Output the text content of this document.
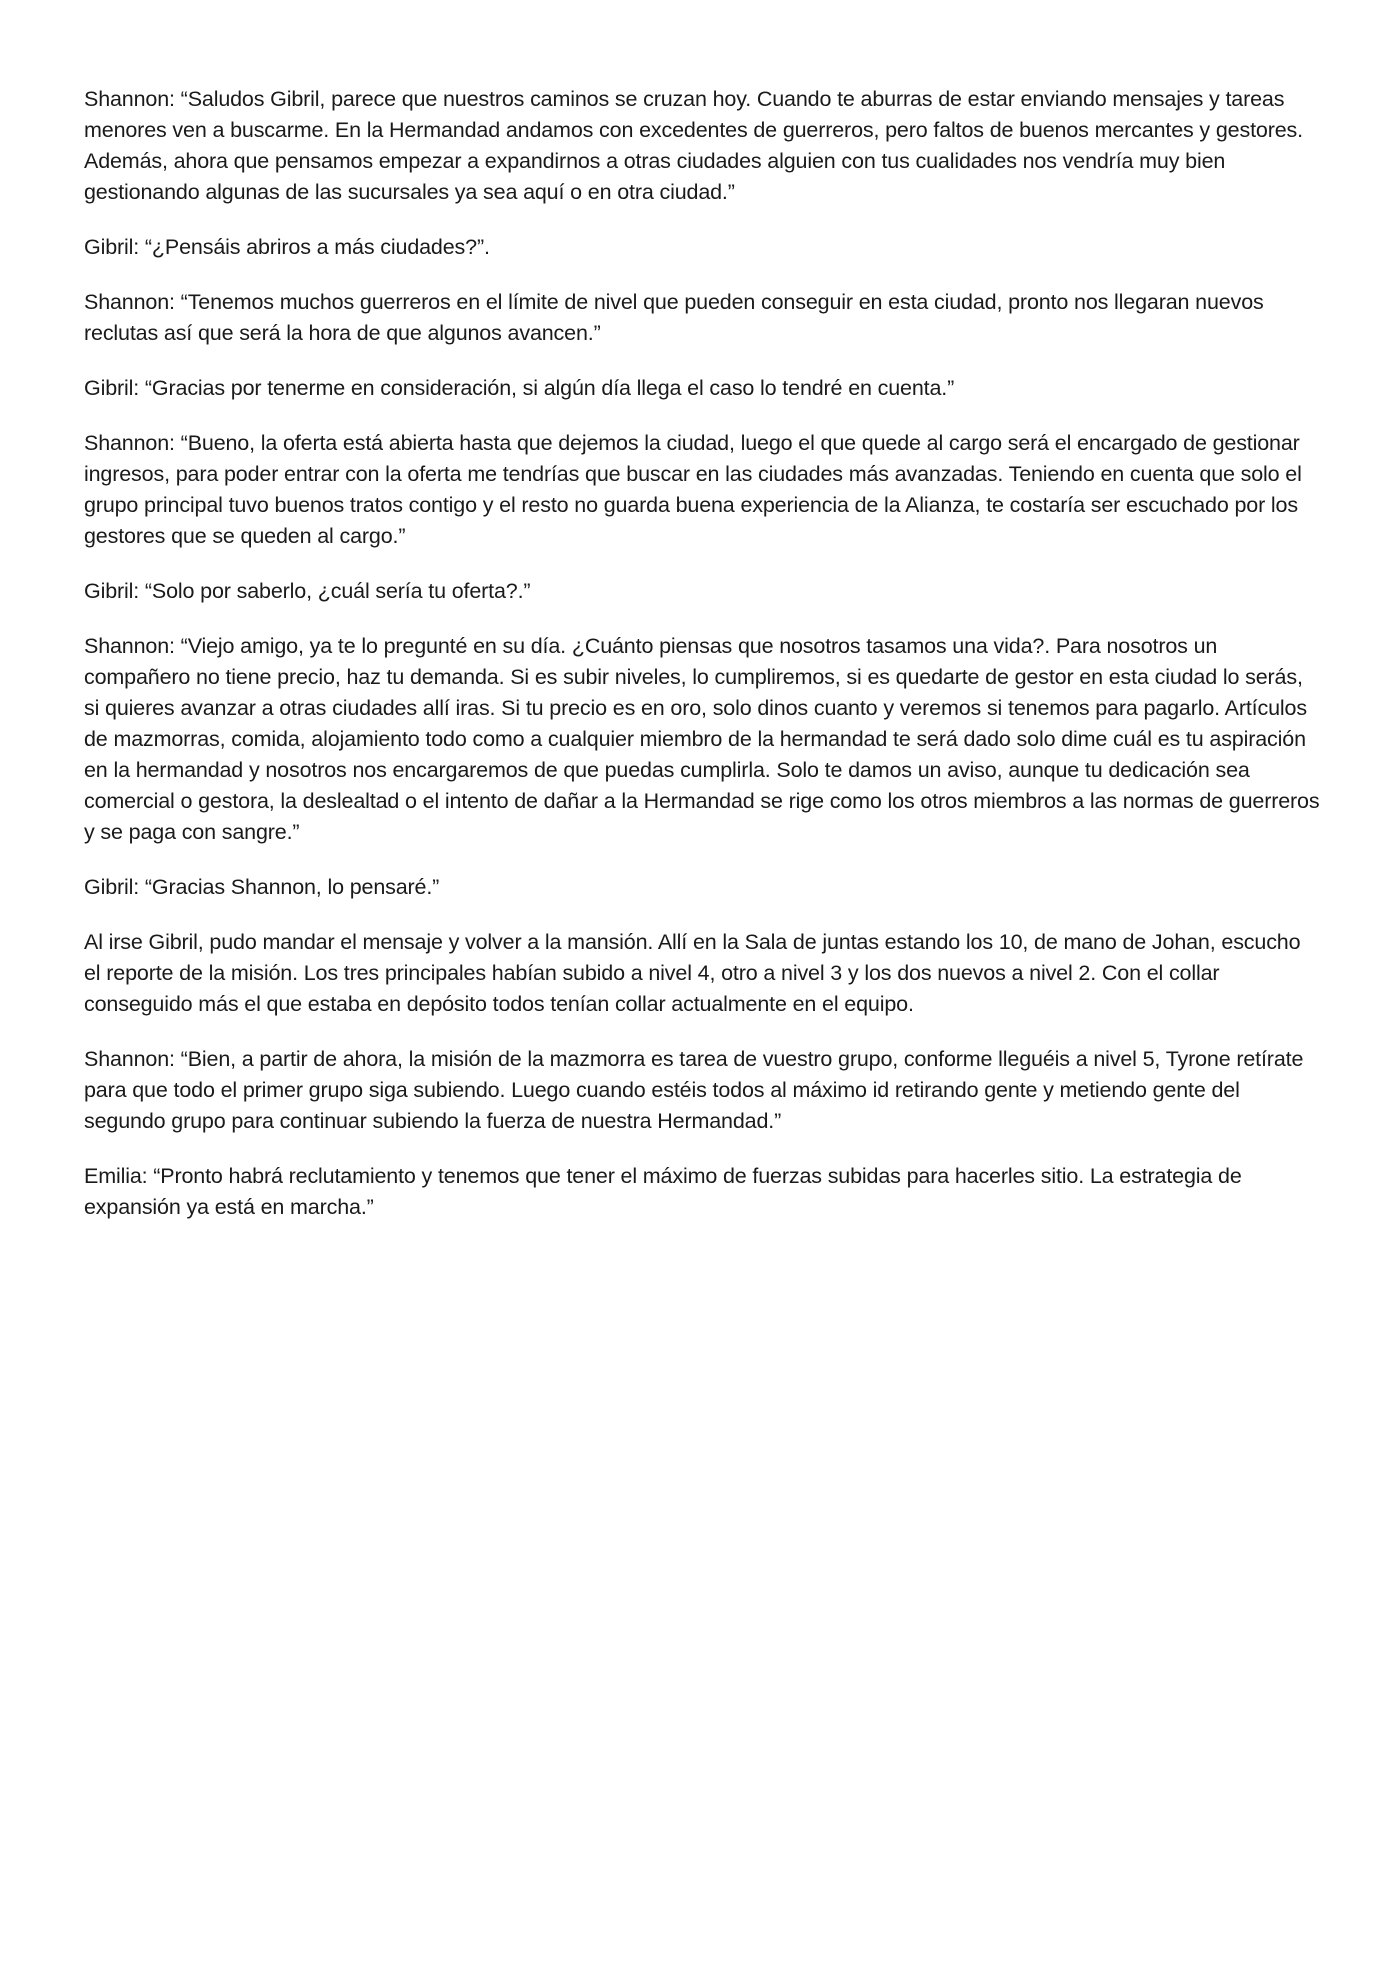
Shannon: “Saludos Gibril, parece que nuestros caminos se cruzan hoy. Cuando te aburras de estar enviando mensajes y tareas menores ven a buscarme. En la Hermandad andamos con excedentes de guerreros, pero faltos de buenos mercantes y gestores. Además, ahora que pensamos empezar a expandirnos a otras ciudades alguien con tus cualidades nos vendría muy bien gestionando algunas de las sucursales ya sea aquí o en otra ciudad.”

Gibril: “¿Pensáis abriros a más ciudades?”.

Shannon: “Tenemos muchos guerreros en el límite de nivel que pueden conseguir en esta ciudad, pronto nos llegaran nuevos reclutas así que será la hora de que algunos avancen.”

Gibril: “Gracias por tenerme en consideración, si algún día llega el caso lo tendré en cuenta.”

Shannon: “Bueno, la oferta está abierta hasta que dejemos la ciudad, luego el que quede al cargo será el encargado de gestionar ingresos, para poder entrar con la oferta me tendrías que buscar en las ciudades más avanzadas. Teniendo en cuenta que solo el grupo principal tuvo buenos tratos contigo y el resto no guarda buena experiencia de la Alianza, te costaría ser escuchado por los gestores que se queden al cargo.”

Gibril: “Solo por saberlo, ¿cuál sería tu oferta?.”

Shannon: “Viejo amigo, ya te lo pregunté en su día. ¿Cuánto piensas que nosotros tasamos una vida?. Para nosotros un compañero no tiene precio, haz tu demanda. Si es subir niveles, lo cumpliremos, si es quedarte de gestor en esta ciudad lo serás, si quieres avanzar a otras ciudades allí iras. Si tu precio es en oro, solo dinos cuanto y veremos si tenemos para pagarlo. Artículos de mazmorras, comida, alojamiento todo como a cualquier miembro de la hermandad te será dado solo dime cuál es tu aspiración en la hermandad y nosotros nos encargaremos de que puedas cumplirla. Solo te damos un aviso, aunque tu dedicación sea comercial o gestora, la deslealtad o el intento de dañar a la Hermandad se rige como los otros miembros a las normas de guerreros y se paga con sangre.”

Gibril: “Gracias Shannon, lo pensaré.”

Al irse Gibril, pudo mandar el mensaje y volver a la mansión. Allí en la Sala de juntas estando los 10, de mano de Johan, escucho el reporte de la misión. Los tres principales habían subido a nivel 4, otro a nivel 3 y los dos nuevos a nivel 2. Con el collar conseguido más el que estaba en depósito todos tenían collar actualmente en el equipo.

Shannon: “Bien, a partir de ahora, la misión de la mazmorra es tarea de vuestro grupo, conforme lleguéis a nivel 5, Tyrone retírate para que todo el primer grupo siga subiendo. Luego cuando estéis todos al máximo id retirando gente y metiendo gente del segundo grupo para continuar subiendo la fuerza de nuestra Hermandad.”

Emilia: “Pronto habrá reclutamiento y tenemos que tener el máximo de fuerzas subidas para hacerles sitio. La estrategia de expansión ya está en marcha.”
